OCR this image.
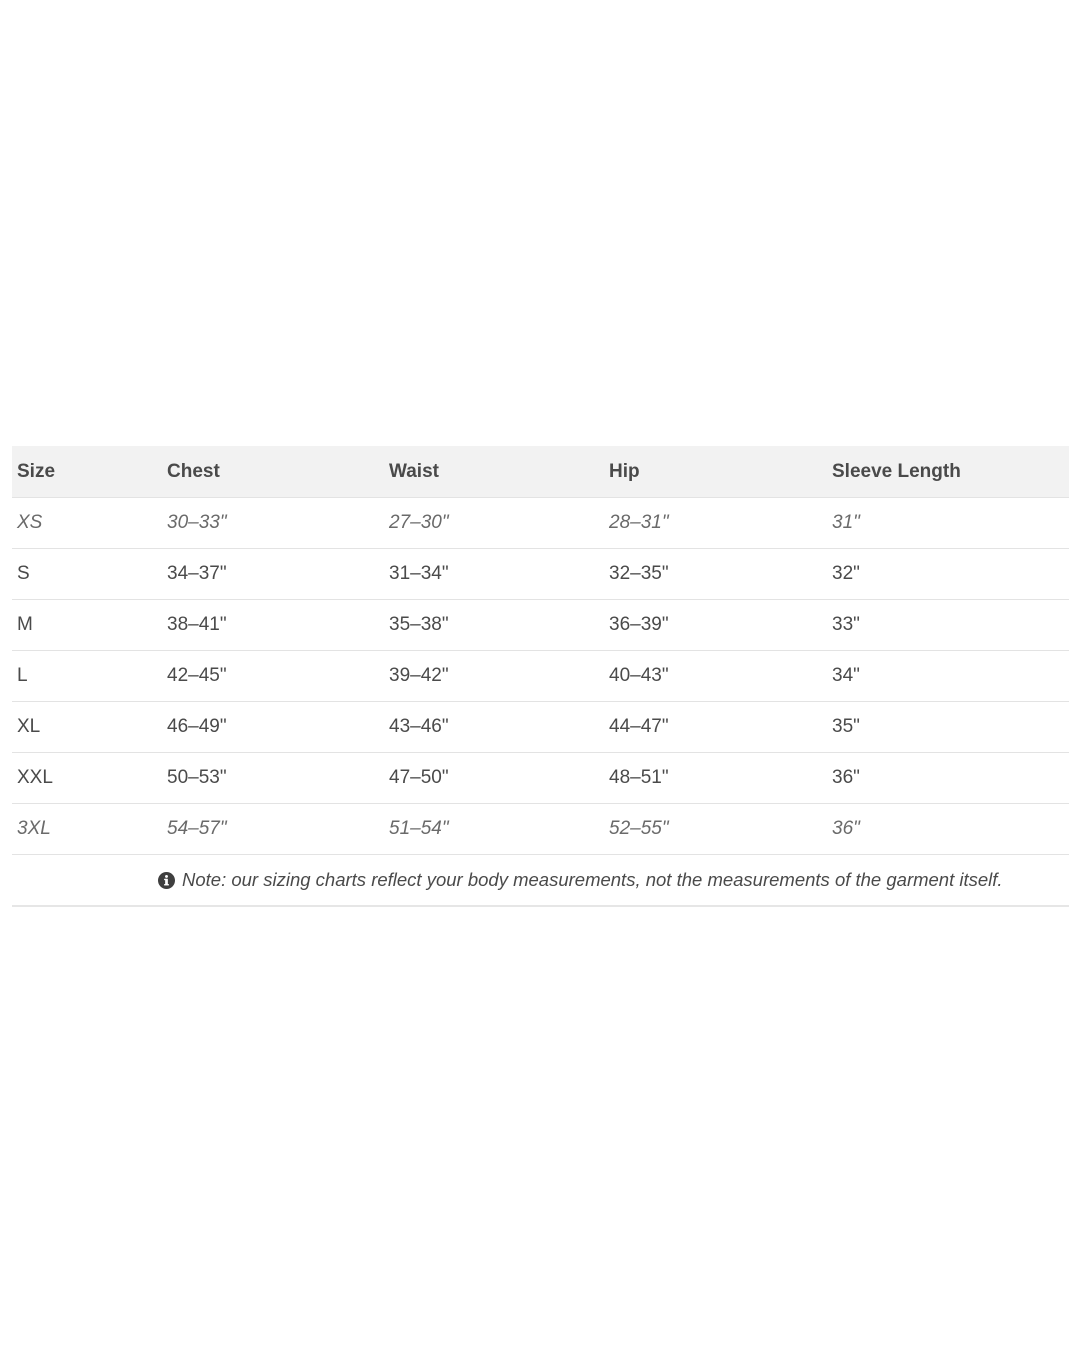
Size	Chest	Waist	Hip	Sleeve Length
XS	30–33"	27–30"	28–31"	31"
S	34–37"	31–34"	32–35"	32"
M	38–41"	35–38"	36–39"	33"
L	42–45"	39–42"	40–43"	34"
XL	46–49"	43–46"	44–47"	35"
XXL	50–53"	47–50"	48–51"	36"
3XL	54–57"	51–54"	52–55"	36"
Note: our sizing charts reflect your body measurements, not the measurements of the garment itself.
